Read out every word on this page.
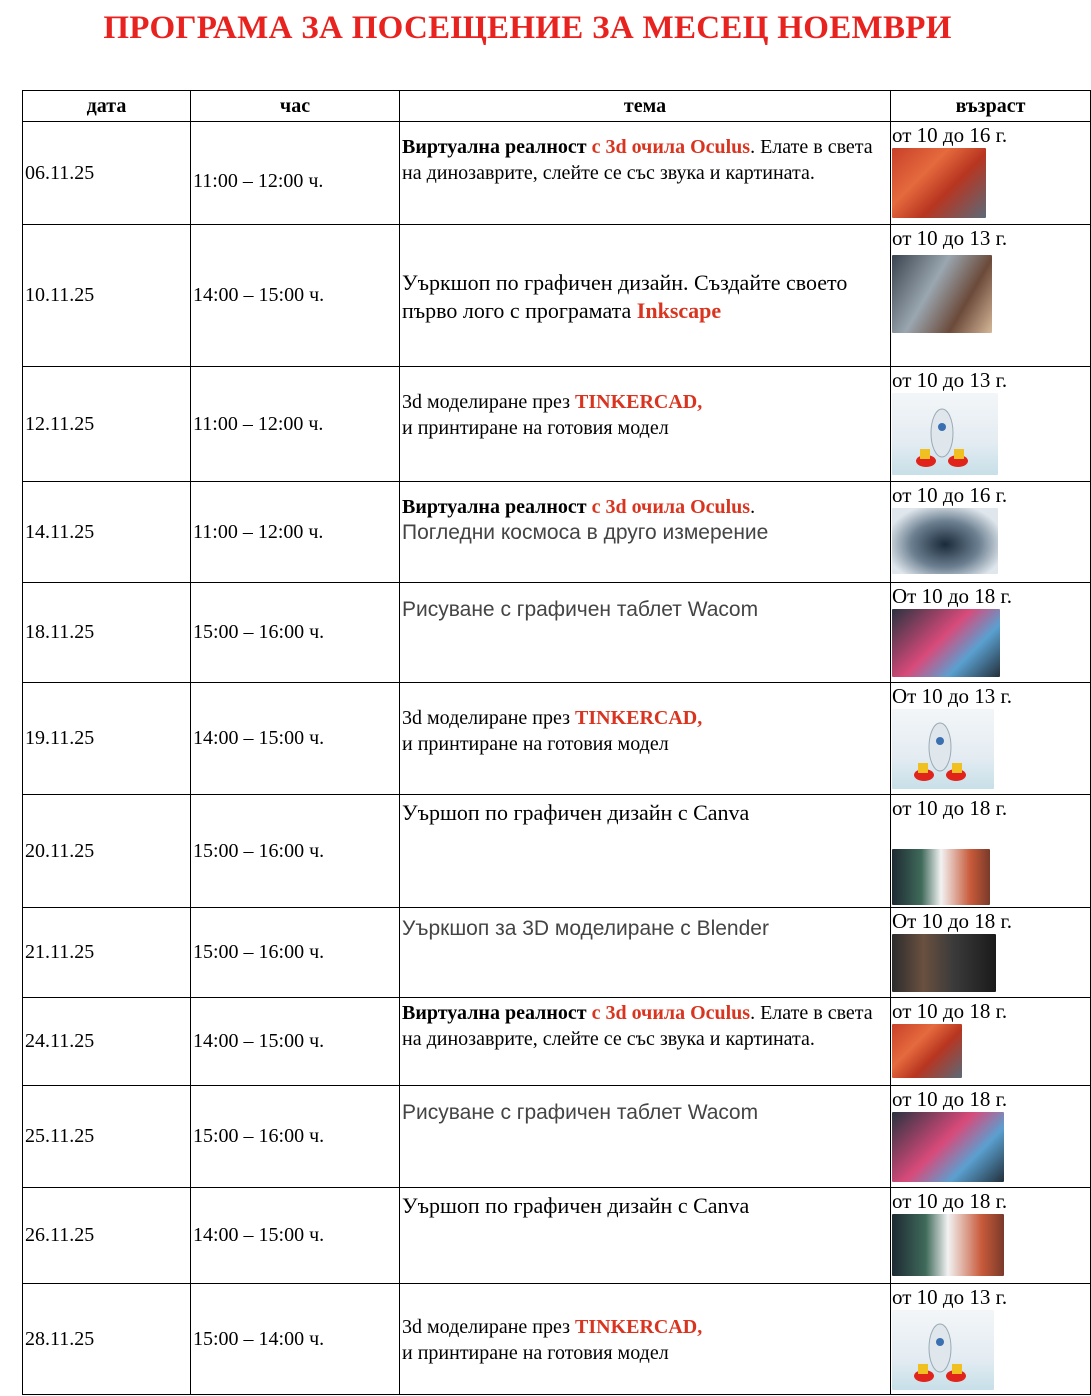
ПРОГРАМА ЗА ПОСЕЩЕНИЕ ЗА МЕСЕЦ НОЕМВРИ
дата	час	тема	възраст
06.11.25	11:00 – 12:00 ч.	Виртуална реалност с 3d очила Oculus. Елате в света на динозаврите, слейте се със звука и картината.	от 10 до 16 г.

10.11.25	14:00 – 15:00 ч.	Уъркшоп по графичен дизайн. Създайте своето първо лого с програмата Inkscape	от 10 до 13 г.

12.11.25	11:00 – 12:00 ч.	3d моделиране през TINKERCAD,
и принтиране на готовия модел	от 10 до 13 г.

14.11.25	11:00 – 12:00 ч.	Виртуална реалност с 3d очила Oculus.
Погледни космоса в друго измерение	от 10 до 16 г.

18.11.25	15:00 – 16:00 ч.	Рисуване с графичен таблет Wacom	От 10 до 18 г.

19.11.25	14:00 – 15:00 ч.	3d моделиране през TINKERCAD,
и принтиране на готовия модел	От 10 до 13 г.

20.11.25	15:00 – 16:00 ч.	Уършоп по графичен дизайн с Canva	от 10 до 18 г.

21.11.25	15:00 – 16:00 ч.	Уъркшоп за 3D моделиране с Blender	От 10 до 18 г.

24.11.25	14:00 – 15:00 ч.	Виртуална реалност с 3d очила Oculus. Елате в света на динозаврите, слейте се със звука и картината.	от 10 до 18 г.

25.11.25	15:00 – 16:00 ч.	Рисуване с графичен таблет Wacom	от 10 до 18 г.

26.11.25	14:00 – 15:00 ч.	Уършоп по графичен дизайн с Canva	от 10 до 18 г.

28.11.25	15:00 – 14:00 ч.	3d моделиране през TINKERCAD,
и принтиране на готовия модел	от 10 до 13 г.
